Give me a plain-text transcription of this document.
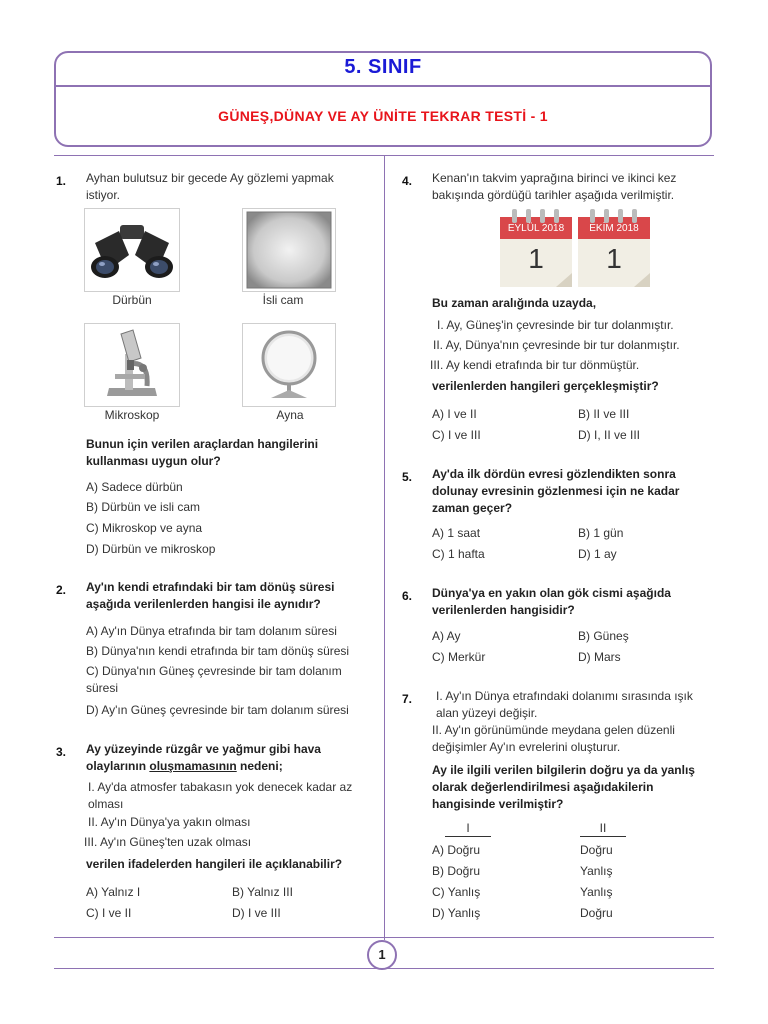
5. SINIF
GÜNEŞ,DÜNAY VE AY ÜNİTE TEKRAR TESTİ - 1
1
1. Ayhan bulutsuz bir gecede Ay gözlemi yapmak istiyor.
Dürbün	İsli cam
Mikroskop	Ayna
Bunun için verilen araçlardan hangilerini kullanması uygun olur?
A) Sadece dürbün
B) Dürbün ve isli cam
C) Mikroskop ve ayna
D) Dürbün ve mikroskop
2. Ay'ın kendi etrafındaki bir tam dönüş süresi aşağıda verilenlerden hangisi ile aynıdır?
A) Ay'ın Dünya etrafında bir tam dolanım süresi
B) Dünya'nın kendi etrafında bir tam dönüş süresi
C) Dünya'nın Güneş çevresinde bir tam dolanım süresi
D) Ay'ın Güneş çevresinde bir tam dolanım süresi
3. Ay yüzeyinde rüzgâr ve yağmur gibi hava olaylarının oluşmamasının nedeni;
I. Ay'da atmosfer tabakasın yok denecek kadar az olması
II. Ay'ın Dünya'ya yakın olması
III. Ay'ın Güneş'ten uzak olması
verilen ifadelerden hangileri ile açıklanabilir?
A) Yalnız I	B) Yalnız III
C) I ve II	D) I ve III
4. Kenan'ın takvim yaprağına birinci ve ikinci kez bakışında gördüğü tarihler aşağıda verilmiştir.
EYLÜL 2018
1
EKİM 2018
1
Bu zaman aralığında uzayda,
I. Ay, Güneş'in çevresinde bir tur dolanmıştır.
II. Ay, Dünya'nın çevresinde bir tur dolanmıştır.
III. Ay kendi etrafında bir tur dönmüştür.
verilenlerden hangileri gerçekleşmiştir?
A) I ve II	B) II ve III
C) I ve III	D) I, II ve III
5. Ay'da ilk dördün evresi gözlendikten sonra dolunay evresinin gözlenmesi için ne kadar zaman geçer?
A) 1 saat	B) 1 gün
C) 1 hafta	D) 1 ay
6. Dünya'ya en yakın olan gök cismi aşağıda verilenlerden hangisidir?
A) Ay	B) Güneş
C) Merkür	D) Mars
7. I. Ay'ın Dünya etrafındaki dolanımı sırasında ışık alan yüzeyi değişir.
II. Ay'ın görünümünde meydana gelen düzenli değişimler Ay'ın evrelerini oluşturur.
Ay ile ilgili verilen bilgilerin doğru ya da yanlış olarak değerlendirilmesi aşağıdakilerin hangisinde verilmiştir?
I	II
A) Doğru	Doğru
B) Doğru	Yanlış
C) Yanlış	Yanlış
D) Yanlış	Doğru
